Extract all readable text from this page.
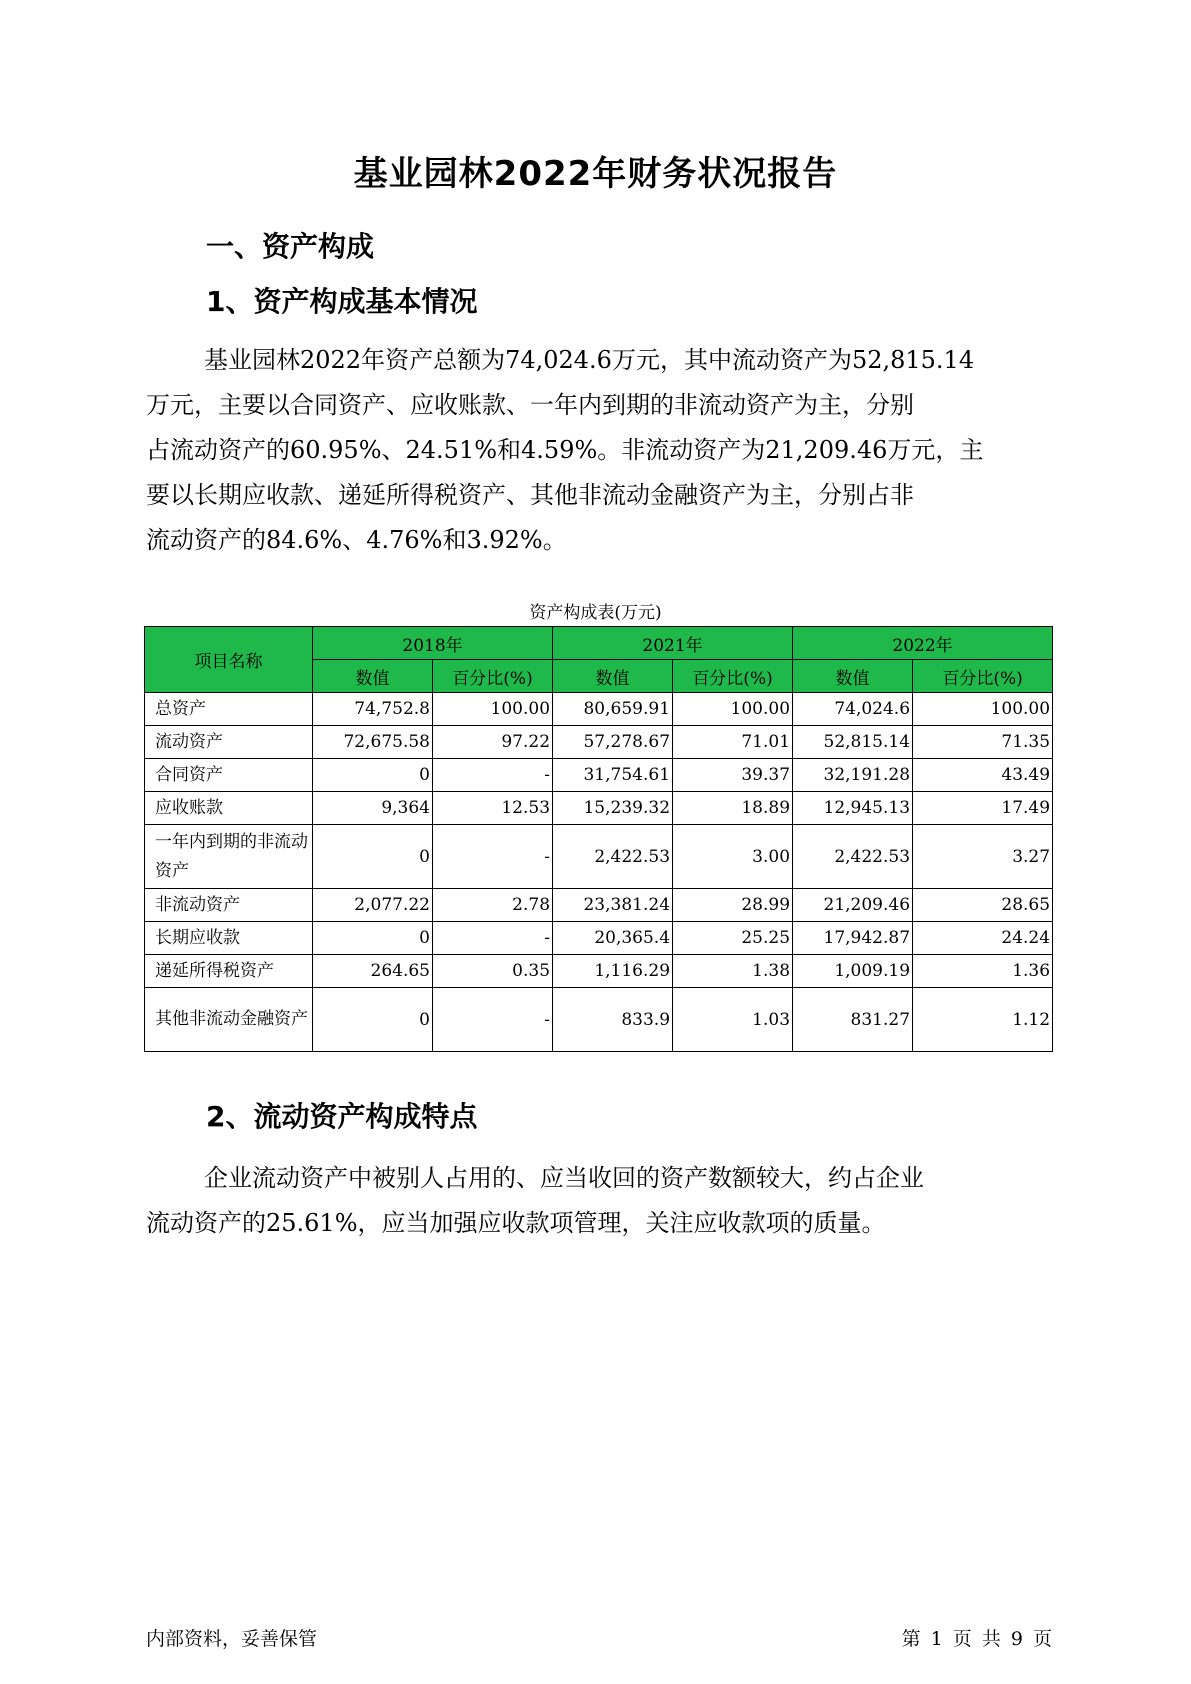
基业园林2022年财务状况报告
一、资产构成
1、资产构成基本情况
基业园林2022年资产总额为74,024.6万元，其中流动资产为52,815.14
万元，主要以合同资产、应收账款、一年内到期的非流动资产为主，分别
占流动资产的60.95%、24.51%和4.59%。非流动资产为21,209.46万元，主
要以长期应收款、递延所得税资产、其他非流动金融资产为主，分别占非
流动资产的84.6%、4.76%和3.92%。
资产构成表(万元)
项目名称	2018年		2021年		2022年	
	数值	百分比(%)	数值	百分比(%)	数值	百分比(%)
总资产	74,752.8	100.00	80,659.91	100.00	74,024.6	100.00
流动资产	72,675.58	97.22	57,278.67	71.01	52,815.14	71.35
合同资产	0	-	31,754.61	39.37	32,191.28	43.49
应收账款	9,364	12.53	15,239.32	18.89	12,945.13	17.49
一年内到期的非流动资产	0	-	2,422.53	3.00	2,422.53	3.27
非流动资产	2,077.22	2.78	23,381.24	28.99	21,209.46	28.65
长期应收款	0	-	20,365.4	25.25	17,942.87	24.24
递延所得税资产	264.65	0.35	1,116.29	1.38	1,009.19	1.36
其他非流动金融资产	0	-	833.9	1.03	831.27	1.12
2、流动资产构成特点
企业流动资产中被别人占用的、应当收回的资产数额较大，约占企业
流动资产的25.61%，应当加强应收款项管理，关注应收款项的质量。
内部资料，妥善保管	第 1 页 共 9 页
